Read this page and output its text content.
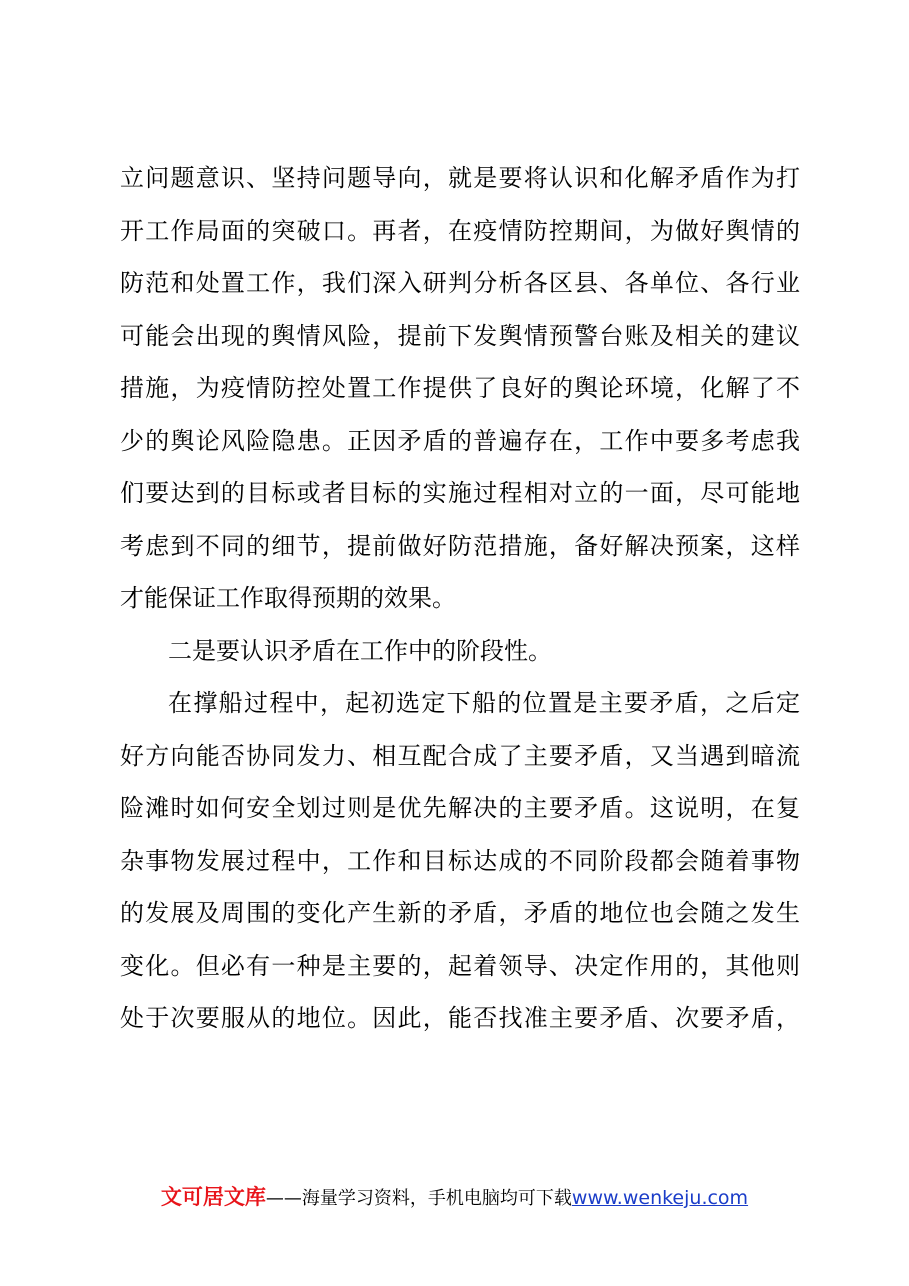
立问题意识、坚持问题导向，就是要将认识和化解矛盾作为打
开工作局面的突破口。再者，在疫情防控期间，为做好舆情的
防范和处置工作，我们深入研判分析各区县、各单位、各行业
可能会出现的舆情风险，提前下发舆情预警台账及相关的建议
措施，为疫情防控处置工作提供了良好的舆论环境，化解了不
少的舆论风险隐患。正因矛盾的普遍存在，工作中要多考虑我
们要达到的目标或者目标的实施过程相对立的一面，尽可能地
考虑到不同的细节，提前做好防范措施，备好解决预案，这样
才能保证工作取得预期的效果。
二是要认识矛盾在工作中的阶段性。
在撑船过程中，起初选定下船的位置是主要矛盾，之后定
好方向能否协同发力、相互配合成了主要矛盾，又当遇到暗流
险滩时如何安全划过则是优先解决的主要矛盾。这说明，在复
杂事物发展过程中，工作和目标达成的不同阶段都会随着事物
的发展及周围的变化产生新的矛盾，矛盾的地位也会随之发生
变化。但必有一种是主要的，起着领导、决定作用的，其他则
处于次要服从的地位。因此，能否找准主要矛盾、次要矛盾，
文可居文库——海量学习资料，手机电脑均可下载www.wenkeju.com
